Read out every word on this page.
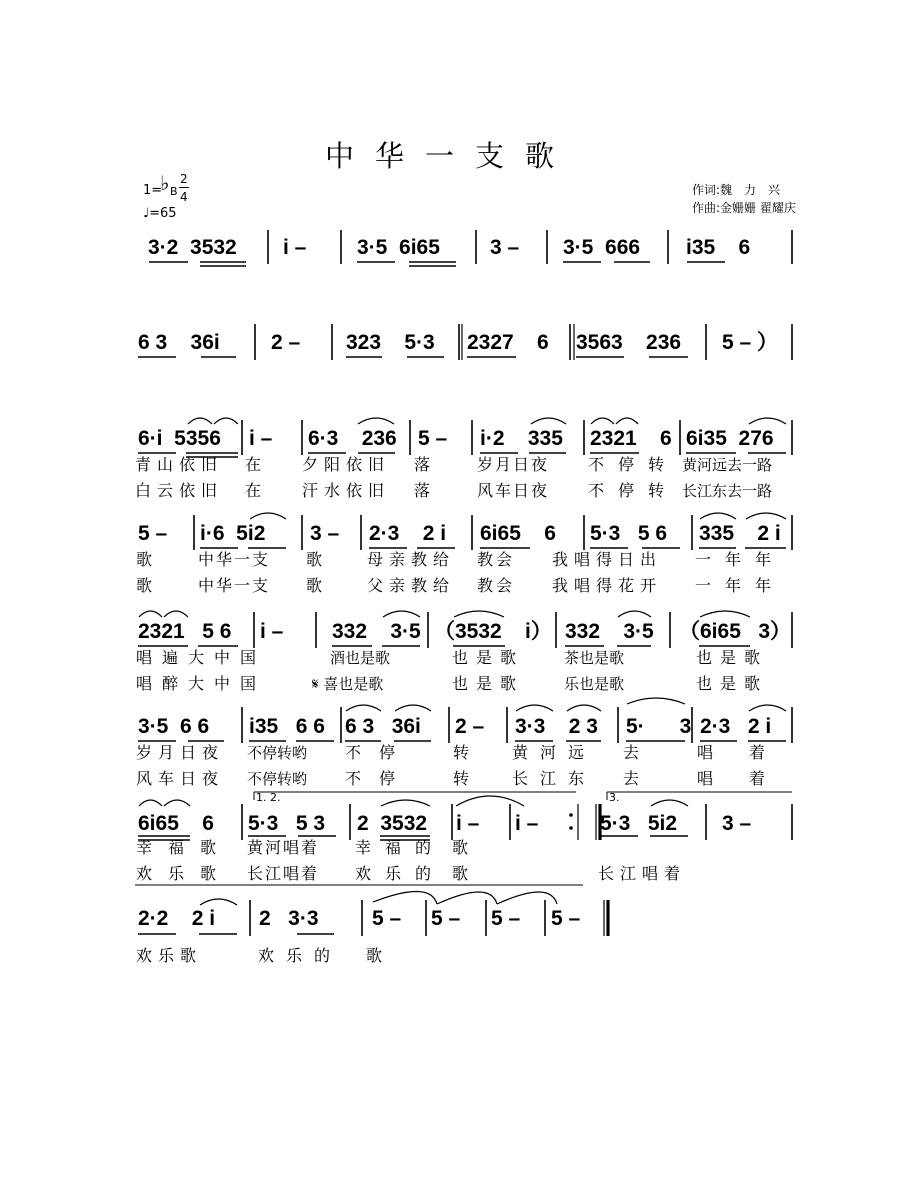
中华一支歌
1=
♭ B
2
4
♩=65
作词:魏　力　兴
作曲:金姗姗 翟耀庆
3·2  3532 i – 3·5  6i65 3 – 3·5  666 i35    6
6 3    36i 2 – 323    5·3 2327    6 3563    236 5 – ）
6·i  5356 i – 6·3    236 5 – i·2    335 2321    6 6i35  276
青山依旧 在	夕阳依旧 落	岁月日夜 不停转 黄河远去一路
白云依旧 在	汗水依旧 落	风车日夜 不停转 长江东去一路
5 – i·6  5i2 3 – 2·3    2 i 6i65    6 5·3   5 6 335    2 i
歌	中华一支 歌	母亲教给 教会 我唱得日出 一年年
歌	中华一支 歌	父亲教给 教会 我唱得花开 一年年
2321   5 6 i – 332    3·5 （3532    i） 332    3·5 （6i65   3）
唱遍大中国	酒也是歌	也是歌	茶也是歌	也是歌
唱醉大中国	𝄋 喜也是歌	也是歌	乐也是歌	也是歌
3·5  6 6 i35   6 6 6 3   36i 2 – 3·3    2 3 5·      3 2·3   2 i
岁月日夜 不停转哟 不停 转	黄河远 去	唱着
风车日夜 不停转哟 不停 转	长江东 去	唱着
1. 2.	3.
6i65    6 5·3   5 3 2  3532 i – i –	5·3   5i2 3 –
幸福歌 黄河唱着 幸福的 歌
欢乐歌 长江唱着 欢乐的 歌	长江唱着
2·2    2 i 2   3·3	5 – 5 – 5 – 5 –
欢乐歌	欢乐的 歌
